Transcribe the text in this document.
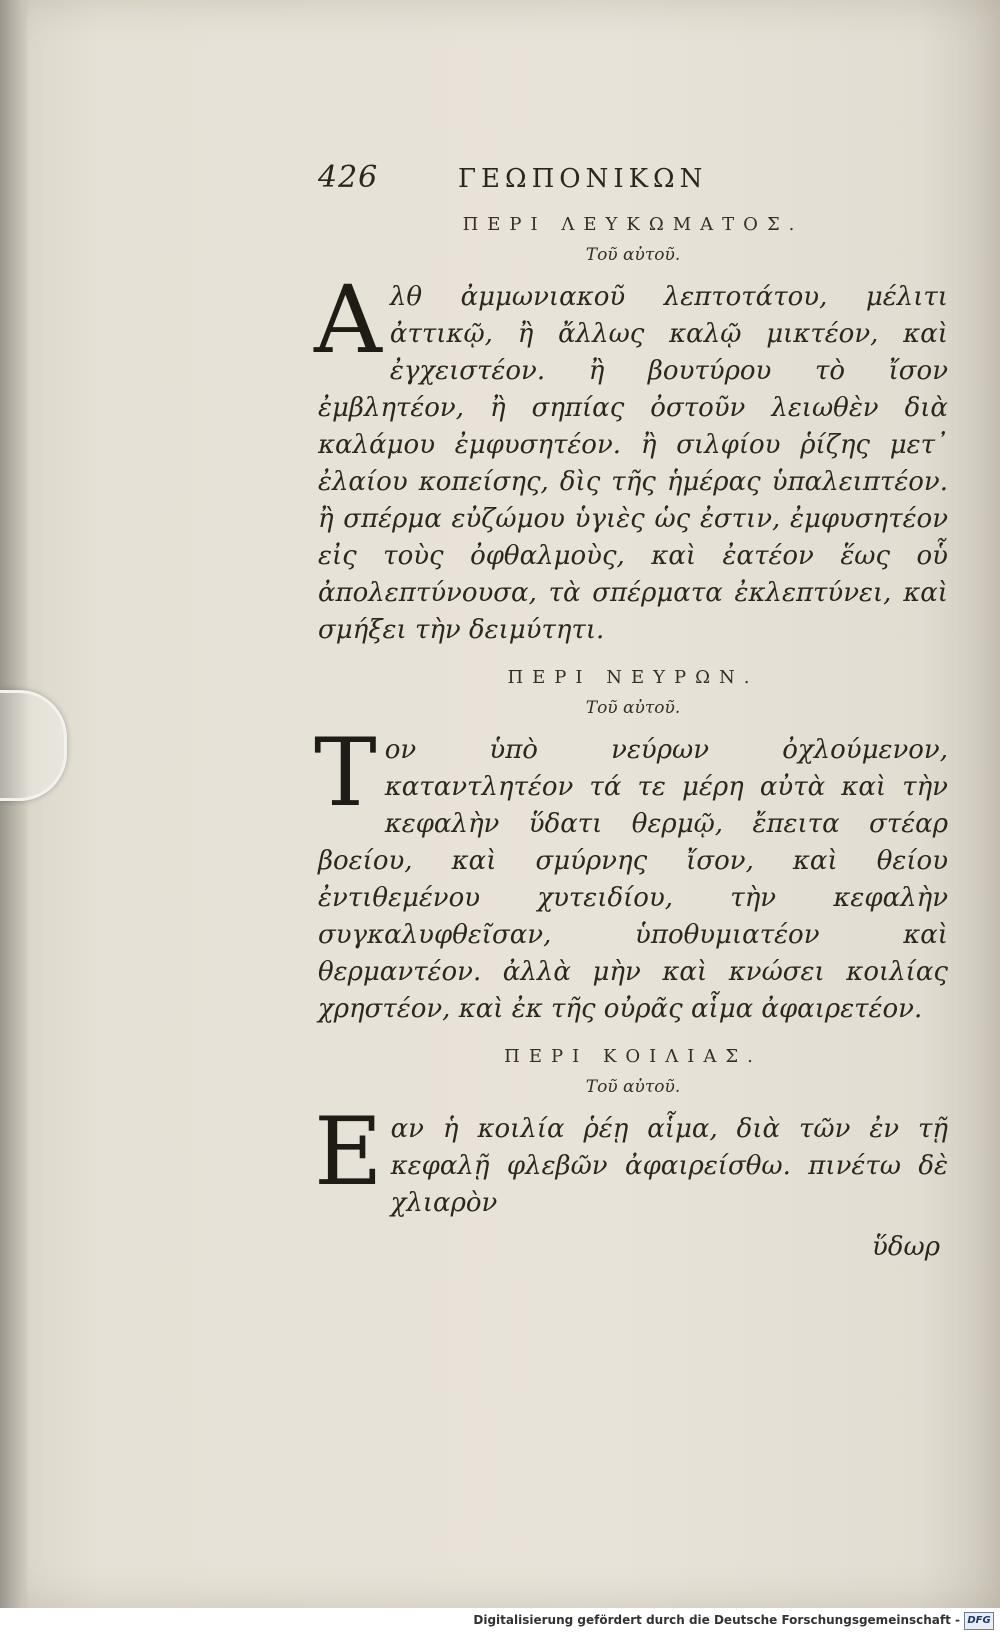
426	ΓΕΩΠΟΝΙΚΩΝ
ΠΕΡΙ ΛΕΥΚΩΜΑΤΟΣ.
Τοῦ αὐτοῦ.

Αλθ ἀμμωνιακοῦ λεπτοτάτου, μέλιτι ἀττικῷ, ἢ ἄλλως καλῷ μικτέον, καὶ ἐγχειστέον. ἢ βουτύρου τὸ ἴσον ἐμβλητέον, ἢ σηπίας ὀστοῦν λειωθὲν διὰ καλάμου ἐμφυσητέον. ἢ σιλφίου ῥίζης μετ᾽ ἐλαίου κοπείσης, δὶς τῆς ἡμέρας ὑπαλειπτέον. ἢ σπέρμα εὐζώμου ὑγιὲς ὡς ἐστιν, ἐμφυσητέον εἰς τοὺς ὀφθαλμοὺς, καὶ ἐατέον ἕως οὗ ἀπολεπτύνουσα, τὰ σπέρματα ἐκλεπτύνει, καὶ σμήξει τὴν δειμύτητι.

ΠΕΡΙ ΝΕΥΡΩΝ.
Τοῦ αὐτοῦ.

Τον ὑπὸ νεύρων ὀχλούμενον, καταντλητέον τά τε μέρη αὐτὰ καὶ τὴν κεφαλὴν ὕδατι θερμῷ, ἔπειτα στέαρ βοείου, καὶ σμύρνης ἴσον, καὶ θείου ἐντιθεμένου χυτειδίου, τὴν κεφαλὴν συγκαλυφθεῖσαν, ὑποθυμιατέον καὶ θερμαντέον. ἀλλὰ μὴν καὶ κνώσει κοιλίας χρηστέον, καὶ ἐκ τῆς οὐρᾶς αἷμα ἀφαιρετέον.

ΠΕΡΙ ΚΟΙΛΙΑΣ.
Τοῦ αὐτοῦ.

Εαν ἡ κοιλία ῥέῃ αἷμα, διὰ τῶν ἐν τῇ κεφαλῇ φλεβῶν ἀφαιρείσθω. πινέτω δὲ χλιαρὸν

ὕδωρ
Digitalisierung gefördert durch die Deutsche Forschungsgemeinschaft - DFG
